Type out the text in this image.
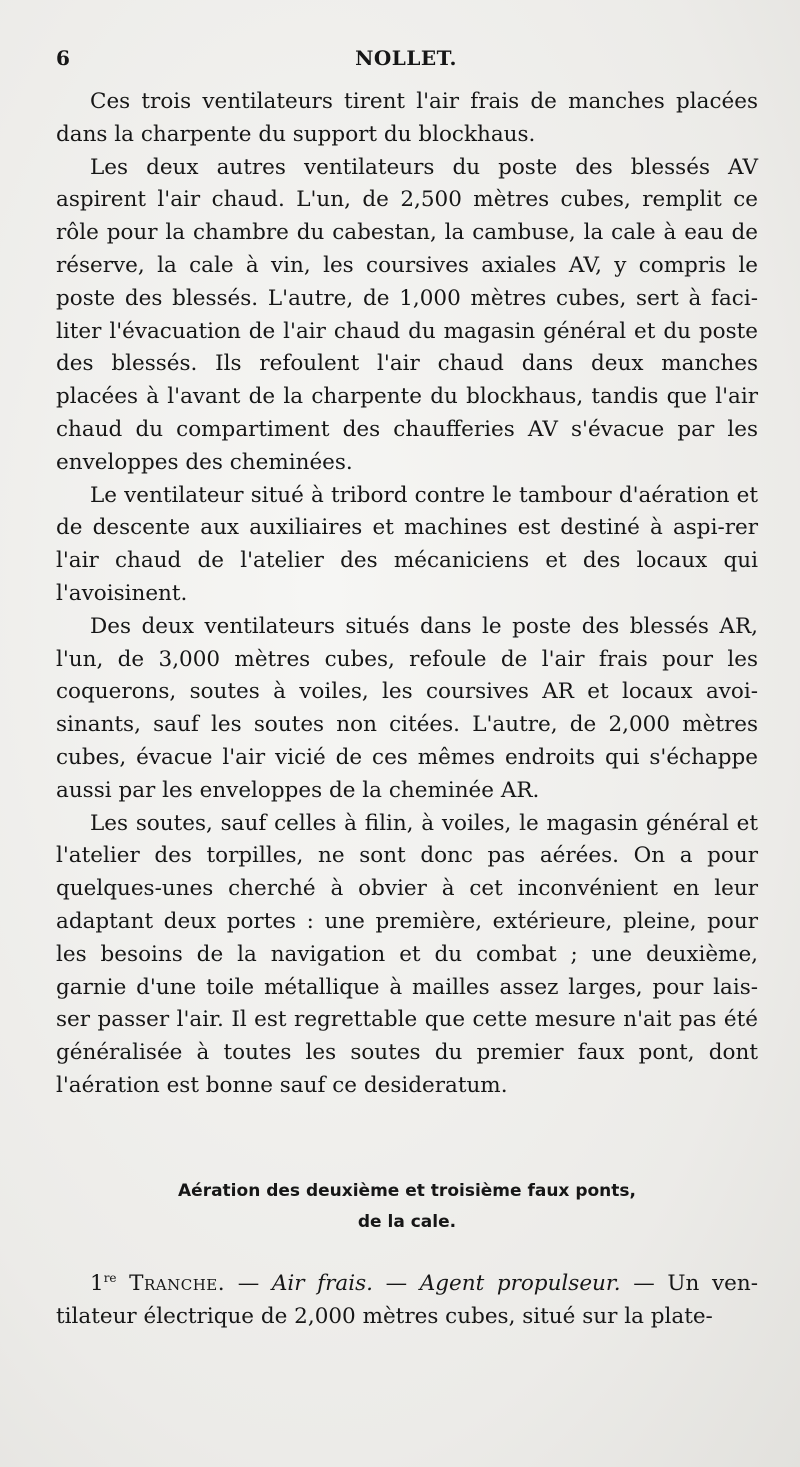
6	NOLLET.

Ces trois ventilateurs tirent l'air frais de manches placées dans la charpente du support du blockhaus.

Les deux autres ventilateurs du poste des blessés AV aspirent l'air chaud. L'un, de 2,500 mètres cubes, remplit ce rôle pour la chambre du cabestan, la cambuse, la cale à eau de réserve, la cale à vin, les coursives axiales AV, y compris le poste des blessés. L'autre, de 1,000 mètres cubes, sert à faci-liter l'évacuation de l'air chaud du magasin général et du poste des blessés. Ils refoulent l'air chaud dans deux manches placées à l'avant de la charpente du blockhaus, tandis que l'air chaud du compartiment des chaufferies AV s'évacue par les enveloppes des cheminées.

Le ventilateur situé à tribord contre le tambour d'aération et de descente aux auxiliaires et machines est destiné à aspi-rer l'air chaud de l'atelier des mécaniciens et des locaux qui l'avoisinent.

Des deux ventilateurs situés dans le poste des blessés AR, l'un, de 3,000 mètres cubes, refoule de l'air frais pour les coquerons, soutes à voiles, les coursives AR et locaux avoi-sinants, sauf les soutes non citées. L'autre, de 2,000 mètres cubes, évacue l'air vicié de ces mêmes endroits qui s'échappe aussi par les enveloppes de la cheminée AR.

Les soutes, sauf celles à filin, à voiles, le magasin général et l'atelier des torpilles, ne sont donc pas aérées. On a pour quelques-unes cherché à obvier à cet inconvénient en leur adaptant deux portes : une première, extérieure, pleine, pour les besoins de la navigation et du combat ; une deuxième, garnie d'une toile métallique à mailles assez larges, pour lais-ser passer l'air. Il est regrettable que cette mesure n'ait pas été généralisée à toutes les soutes du premier faux pont, dont l'aération est bonne sauf ce desideratum.

Aération des deuxième et troisième faux ponts,
de la cale.

1re Tranche. — Air frais. — Agent propulseur. — Un ven-tilateur électrique de 2,000 mètres cubes, situé sur la plate-
